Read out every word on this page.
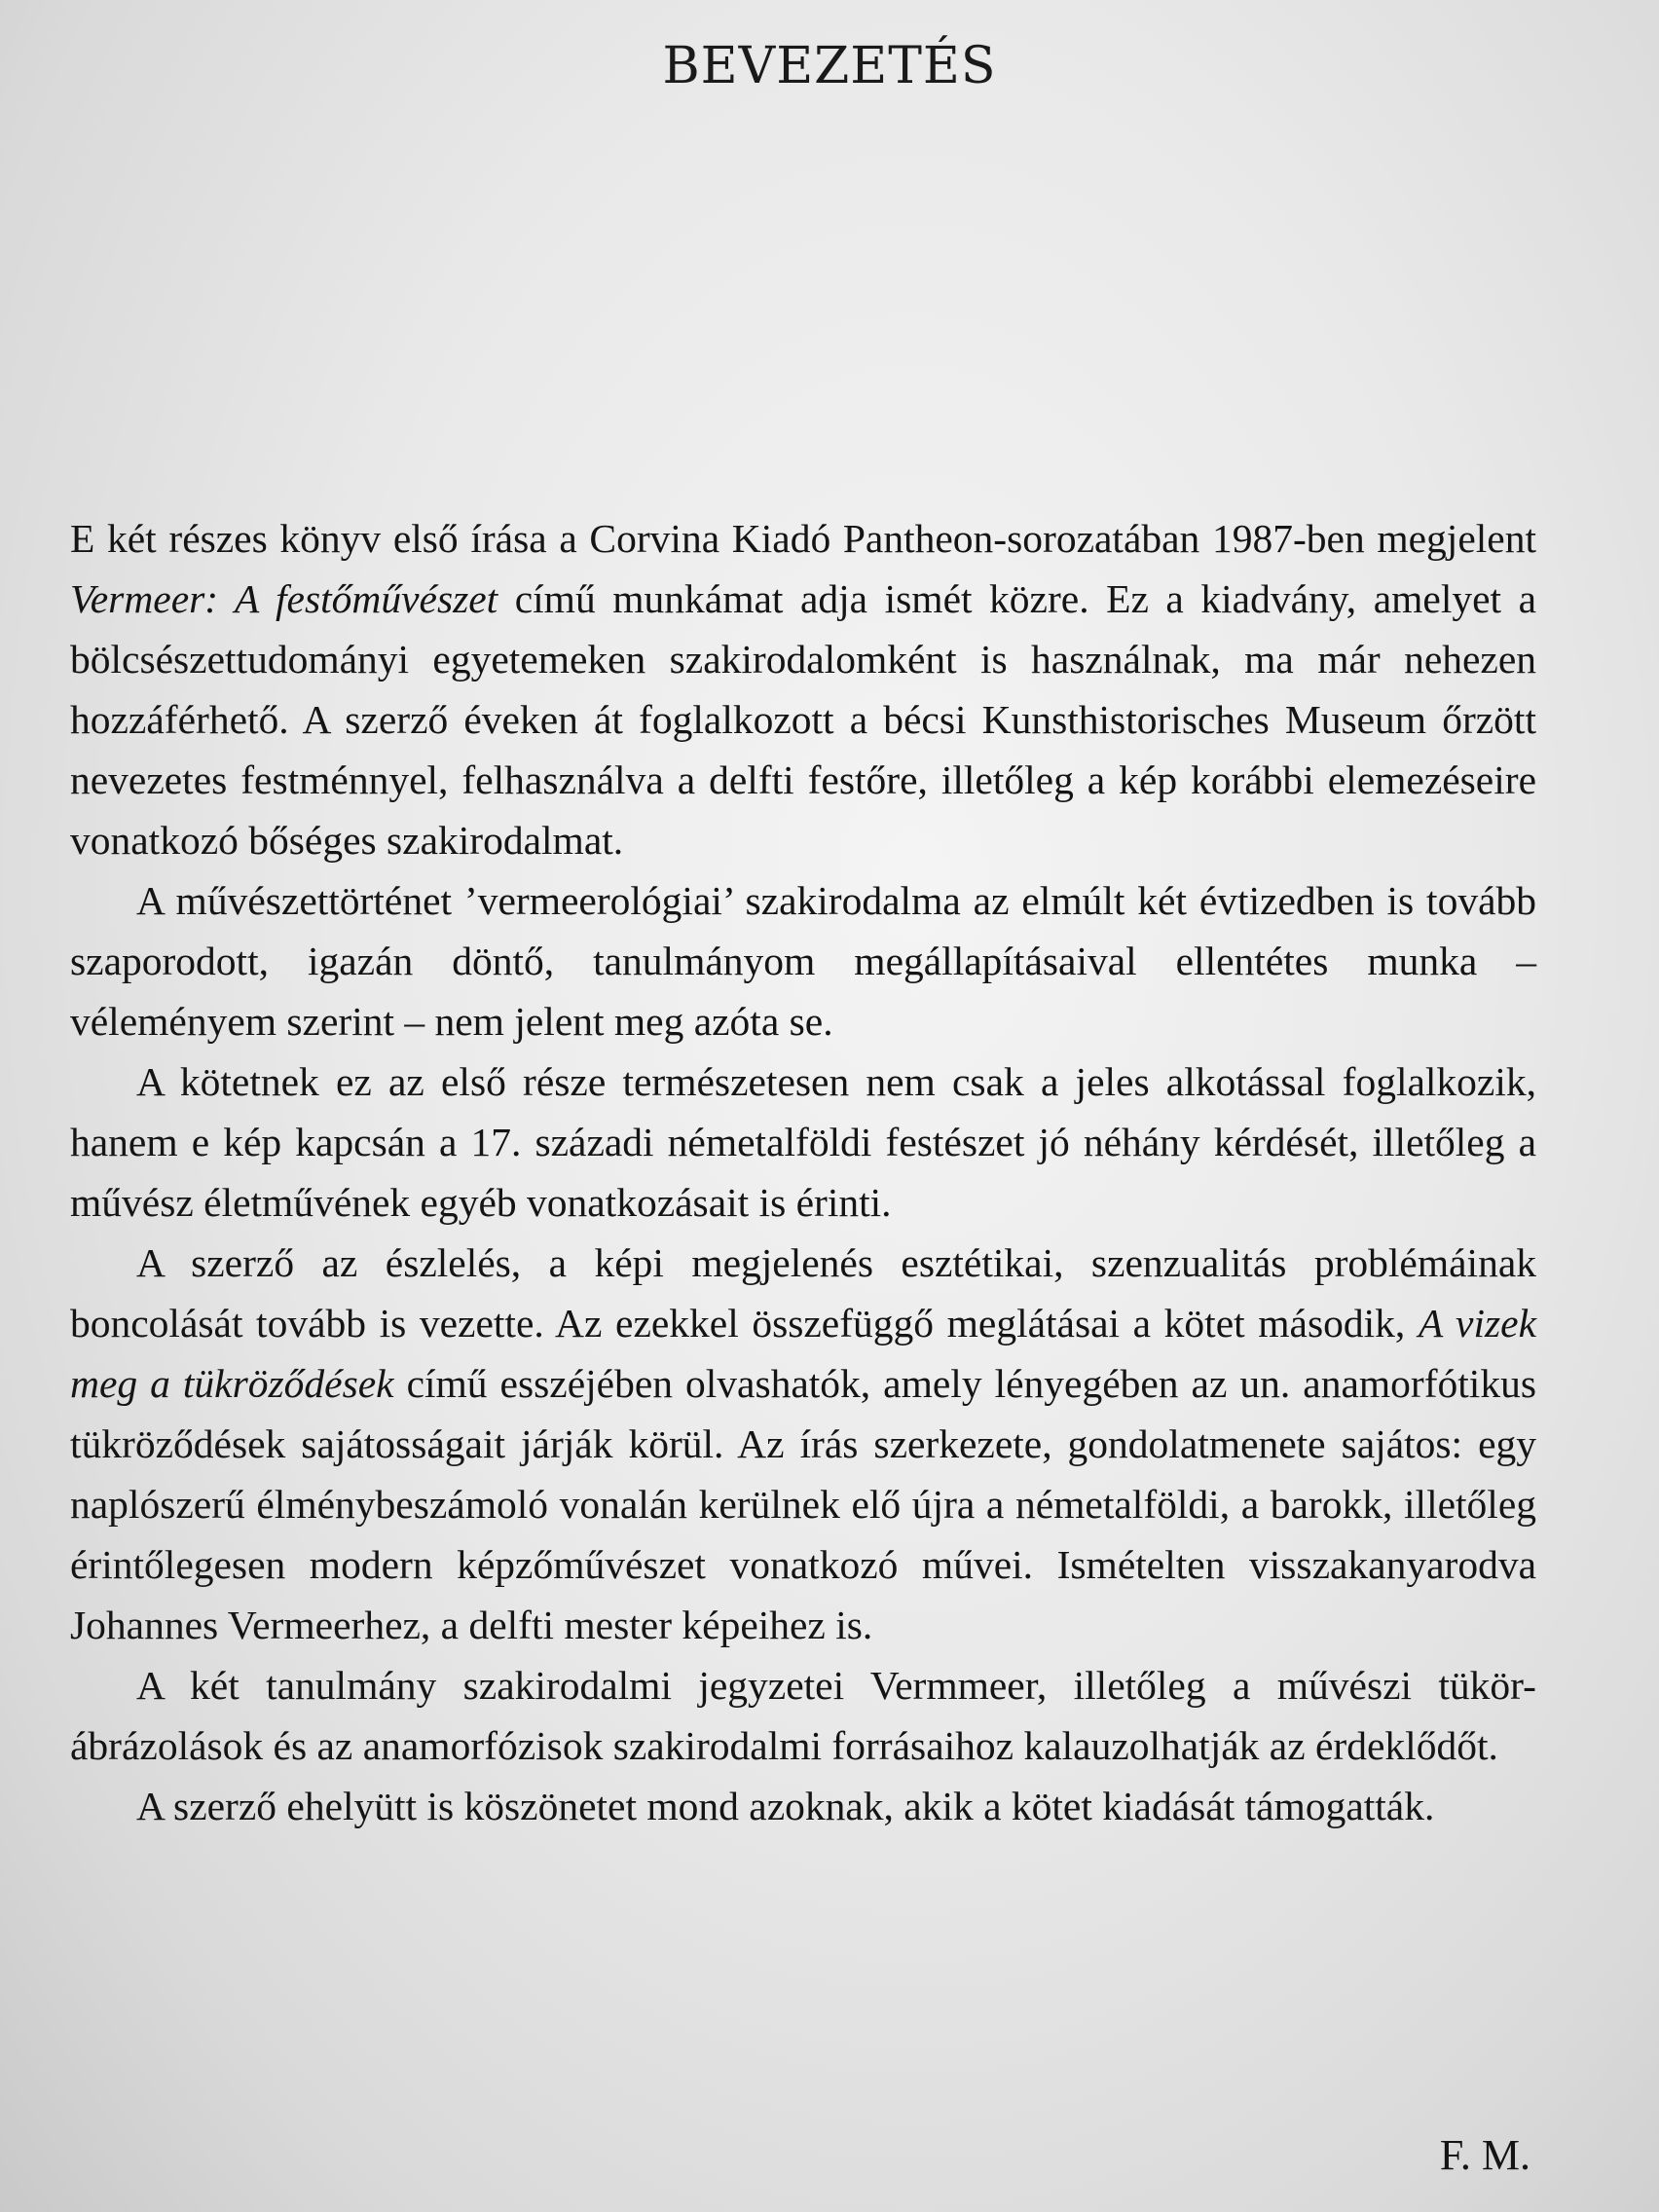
BEVEZETÉS

E két részes könyv első írása a Corvina Kiadó Pantheon-sorozatában 1987-ben megjelent Vermeer: A festőművészet című munkámat adja ismét közre. Ez a kiadvány, amelyet a bölcsészettudományi egyetemeken szakirodalomként is használnak, ma már nehezen hozzáférhető. A szerző éveken át foglalkozott a bécsi Kunsthistorisches Museum őrzött nevezetes festménnyel, felhasználva a delfti festőre, illetőleg a kép korábbi elemezéseire vonatkozó bőséges szakirodalmat.

A művészettörténet ’vermeerológiai’ szakirodalma az elmúlt két évtizedben is tovább szaporodott, igazán döntő, tanulmányom megállapításaival ellentétes munka – véleményem szerint – nem jelent meg azóta se.

A kötetnek ez az első része természetesen nem csak a jeles alkotással foglalkozik, hanem e kép kapcsán a 17. századi németalföldi festészet jó néhány kérdését, illetőleg a művész életművének egyéb vonatkozásait is érinti.

A szerző az észlelés, a képi megjelenés esztétikai, szenzualitás problémáinak boncolását tovább is vezette. Az ezekkel összefüggő meglátásai a kötet második, A vizek meg a tükröződések című esszéjében olvashatók, amely lényegében az un. anamorfótikus tükröződések sajátosságait járják körül. Az írás szerkezete, gondolatmenete sajátos: egy naplószerű élménybeszámoló vonalán kerülnek elő újra a németalföldi, a barokk, illetőleg érintőlegesen modern képzőművészet vonatkozó művei. Ismételten visszakanyarodva Johannes Vermeerhez, a delfti mester képeihez is.

A két tanulmány szakirodalmi jegyzetei Vermmeer, illetőleg a művészi tükör-ábrázolások és az anamorfózisok szakirodalmi forrásaihoz kalauzolhatják az érdeklődőt.

A szerző ehelyütt is köszönetet mond azoknak, akik a kötet kiadását támogatták.

F. M.
